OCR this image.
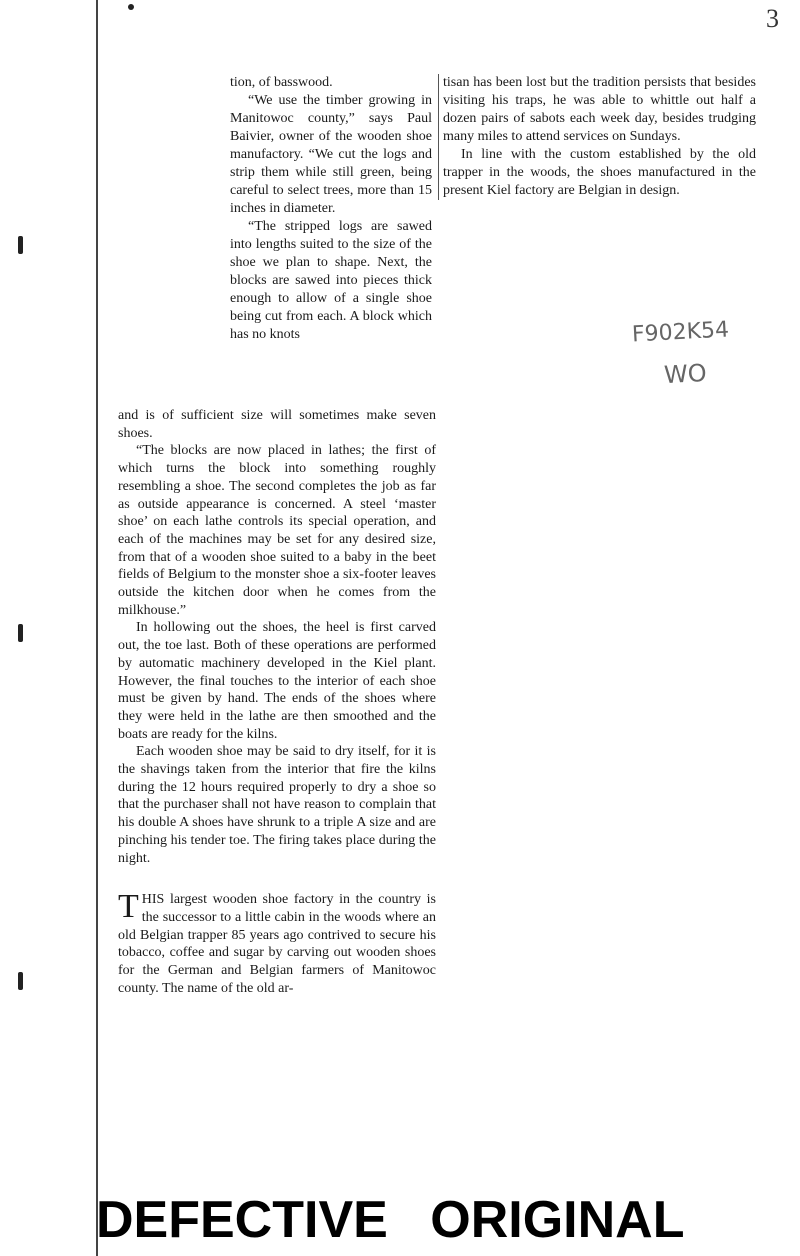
3

tion, of basswood.

“We use the timber growing in Manitowoc county,” says Paul Baivier, owner of the wooden shoe manufactory. “We cut the logs and strip them while still green, being careful to select trees, more than 15 inches in diameter.

“The stripped logs are sawed into lengths suited to the size of the shoe we plan to shape. Next, the blocks are sawed into pieces thick enough to allow of a single shoe being cut from each. A block which has no knots

and is of sufficient size will sometimes make seven shoes.

“The blocks are now placed in lathes; the first of which turns the block into something roughly resembling a shoe. The second completes the job as far as outside appearance is concerned. A steel ‘master shoe’ on each lathe controls its special operation, and each of the machines may be set for any desired size, from that of a wooden shoe suited to a baby in the beet fields of Belgium to the monster shoe a six-footer leaves outside the kitchen door when he comes from the milkhouse.”

In hollowing out the shoes, the heel is first carved out, the toe last. Both of these operations are performed by automatic machinery developed in the Kiel plant. However, the final touches to the interior of each shoe must be given by hand. The ends of the shoes where they were held in the lathe are then smoothed and the boats are ready for the kilns.

Each wooden shoe may be said to dry itself, for it is the shavings taken from the interior that fire the kilns during the 12 hours required properly to dry a shoe so that the purchaser shall not have reason to complain that his double A shoes have shrunk to a triple A size and are pinching his tender toe. The firing takes place during the night.

THIS largest wooden shoe factory in the country is the successor to a little cabin in the woods where an old Belgian trapper 85 years ago contrived to secure his tobacco, coffee and sugar by carving out wooden shoes for the German and Belgian farmers of Manitowoc county. The name of the old ar-

tisan has been lost but the tradition persists that besides visiting his traps, he was able to whittle out half a dozen pairs of sabots each week day, besides trudging many miles to attend services on Sundays.

In line with the custom established by the old trapper in the woods, the shoes manufactured in the present Kiel factory are Belgian in design.

F902K54
WO
DEFECTIVE ORIGINAL
